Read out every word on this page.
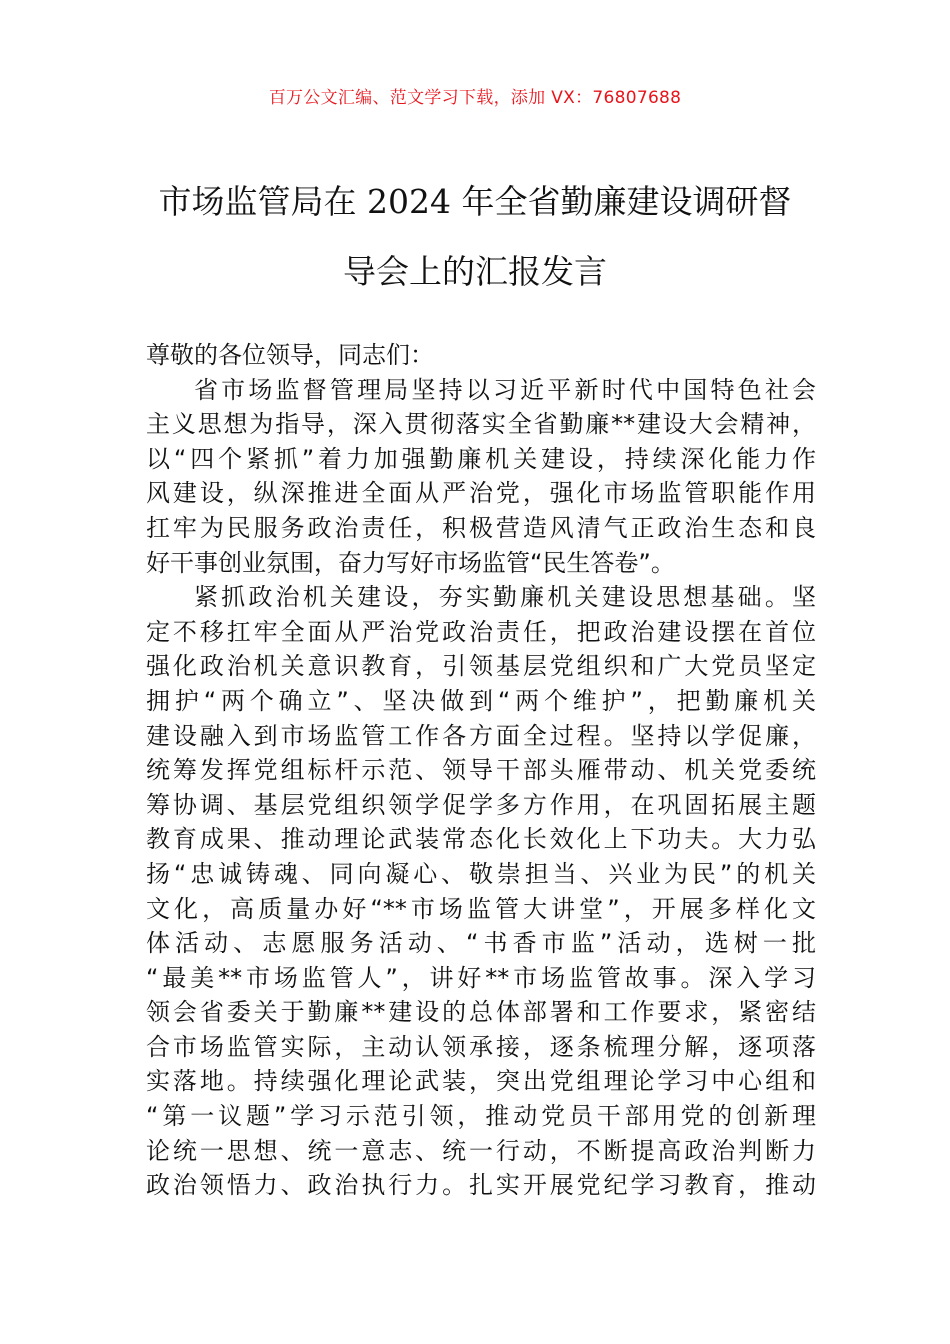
百万公文汇编、范文学习下载，添加 VX：76807688
市场监管局在 2024 年全省勤廉建设调研督
导会上的汇报发言
尊敬的各位领导，同志们：
省市场监督管理局坚持以习近平新时代中国特色社会
主义思想为指导，深入贯彻落实全省勤廉**建设大会精神，
以“四个紧抓”着力加强勤廉机关建设，持续深化能力作
风建设，纵深推进全面从严治党，强化市场监管职能作用
扛牢为民服务政治责任，积极营造风清气正政治生态和良
好干事创业氛围，奋力写好市场监管“民生答卷”。
紧抓政治机关建设，夯实勤廉机关建设思想基础。坚
定不移扛牢全面从严治党政治责任，把政治建设摆在首位
强化政治机关意识教育，引领基层党组织和广大党员坚定
拥护“两个确立”、坚决做到“两个维护”，把勤廉机关
建设融入到市场监管工作各方面全过程。坚持以学促廉，
统筹发挥党组标杆示范、领导干部头雁带动、机关党委统
筹协调、基层党组织领学促学多方作用，在巩固拓展主题
教育成果、推动理论武装常态化长效化上下功夫。大力弘
扬“忠诚铸魂、同向凝心、敬崇担当、兴业为民”的机关
文化，高质量办好“**市场监管大讲堂”，开展多样化文
体活动、志愿服务活动、“书香市监”活动，选树一批
“最美**市场监管人”，讲好**市场监管故事。深入学习
领会省委关于勤廉**建设的总体部署和工作要求，紧密结
合市场监管实际，主动认领承接，逐条梳理分解，逐项落
实落地。持续强化理论武装，突出党组理论学习中心组和
“第一议题”学习示范引领，推动党员干部用党的创新理
论统一思想、统一意志、统一行动，不断提高政治判断力
政治领悟力、政治执行力。扎实开展党纪学习教育，推动
